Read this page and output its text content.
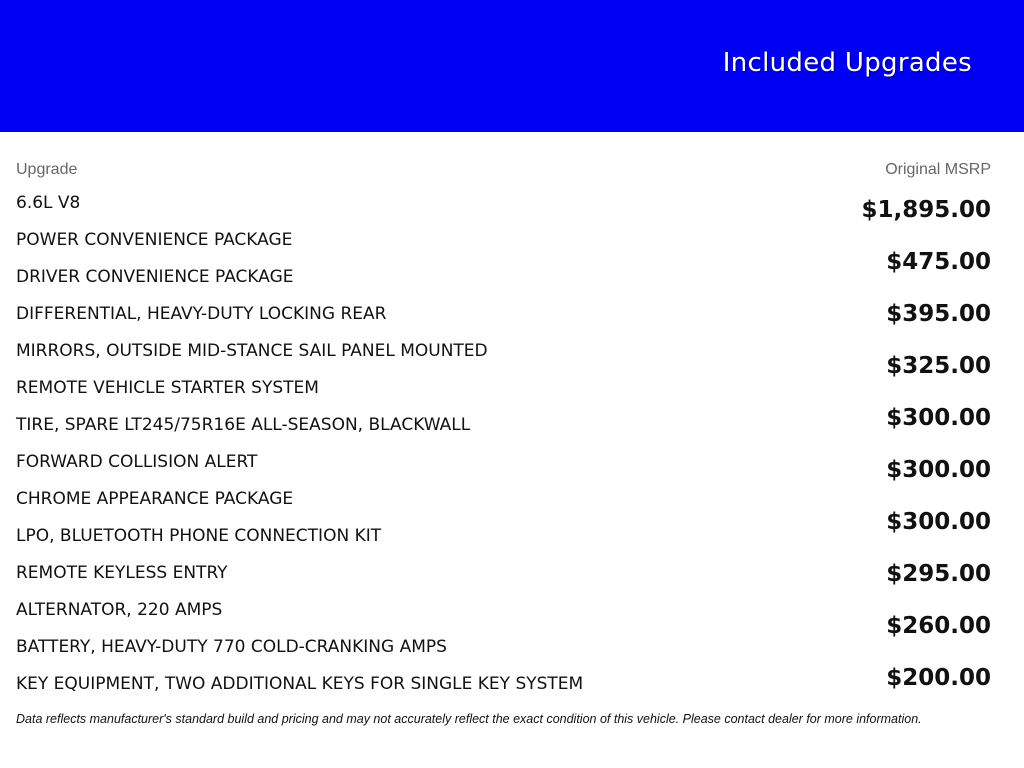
Included Upgrades
Upgrade	Original MSRP
6.6L V8
POWER CONVENIENCE PACKAGE
DRIVER CONVENIENCE PACKAGE
DIFFERENTIAL, HEAVY-DUTY LOCKING REAR
MIRRORS, OUTSIDE MID-STANCE SAIL PANEL MOUNTED
REMOTE VEHICLE STARTER SYSTEM
TIRE, SPARE LT245/75R16E ALL-SEASON, BLACKWALL
FORWARD COLLISION ALERT
CHROME APPEARANCE PACKAGE
LPO, BLUETOOTH PHONE CONNECTION KIT
REMOTE KEYLESS ENTRY
ALTERNATOR, 220 AMPS
BATTERY, HEAVY-DUTY 770 COLD-CRANKING AMPS
KEY EQUIPMENT, TWO ADDITIONAL KEYS FOR SINGLE KEY SYSTEM
$1,895.00
$475.00
$395.00
$325.00
$300.00
$300.00
$300.00
$295.00
$260.00
$200.00
Data reflects manufacturer's standard build and pricing and may not accurately reflect the exact condition of this vehicle. Please contact dealer for more information.
